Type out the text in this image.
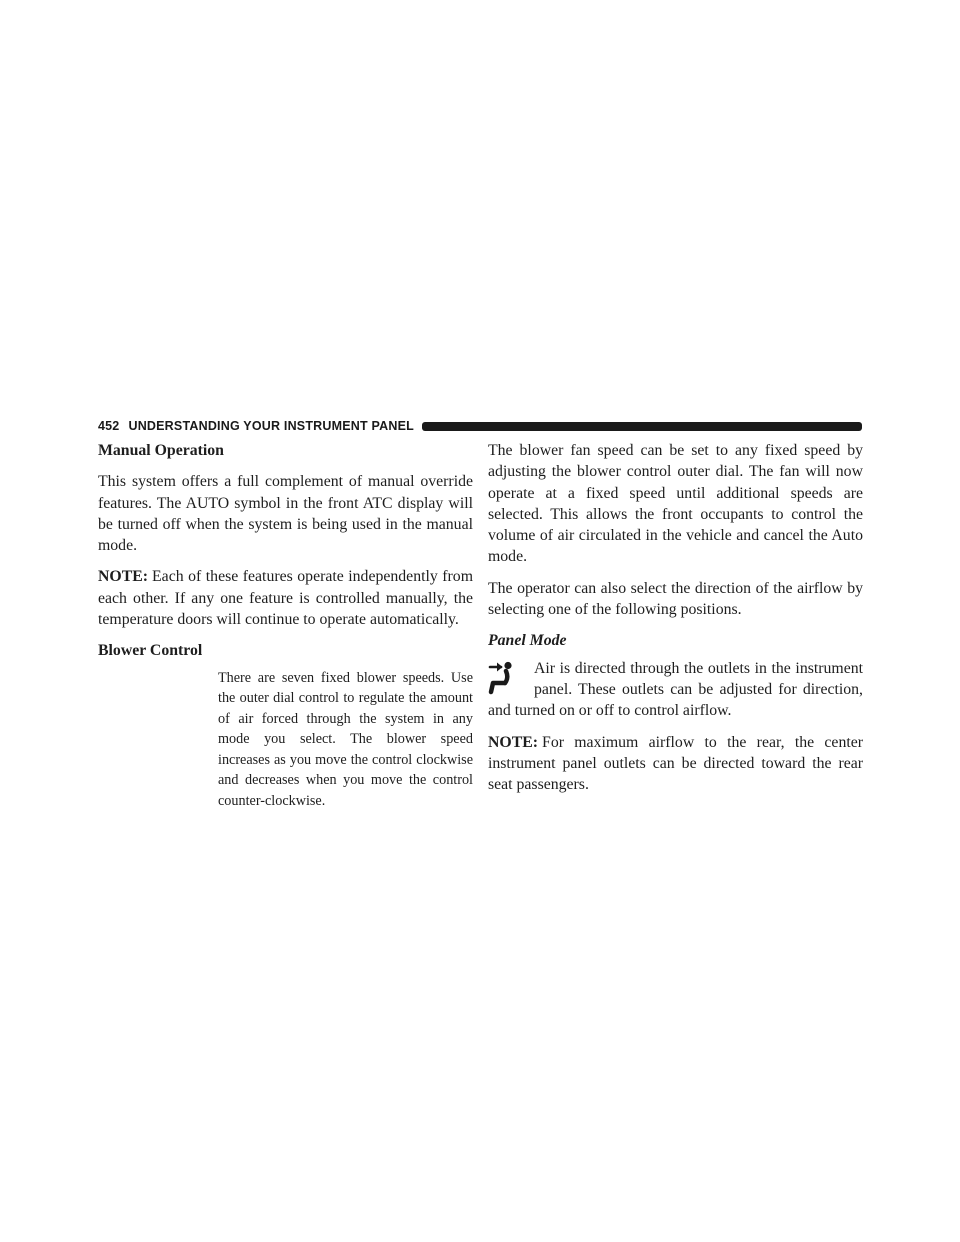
452 UNDERSTANDING YOUR INSTRUMENT PANEL
Manual Operation

This system offers a full complement of manual override features. The AUTO symbol in the front ATC display will be turned off when the system is being used in the manual mode.

NOTE: Each of these features operate independently from each other. If any one feature is controlled manually, the temperature doors will continue to operate automatically.

Blower Control

There are seven fixed blower speeds. Use the outer dial control to regulate the amount of air forced through the system in any mode you select. The blower speed increases as you move the control clockwise and decreases when you move the control counter-clockwise.

The blower fan speed can be set to any fixed speed by adjusting the blower control outer dial. The fan will now operate at a fixed speed until additional speeds are selected. This allows the front occupants to control the volume of air circulated in the vehicle and cancel the Auto mode.

The operator can also select the direction of the airflow by selecting one of the following positions.

Panel Mode

Air is directed through the outlets in the instrument panel. These outlets can be adjusted for direction, and turned on or off to control airflow.

NOTE: For maximum airflow to the rear, the center instrument panel outlets can be directed toward the rear seat passengers.
